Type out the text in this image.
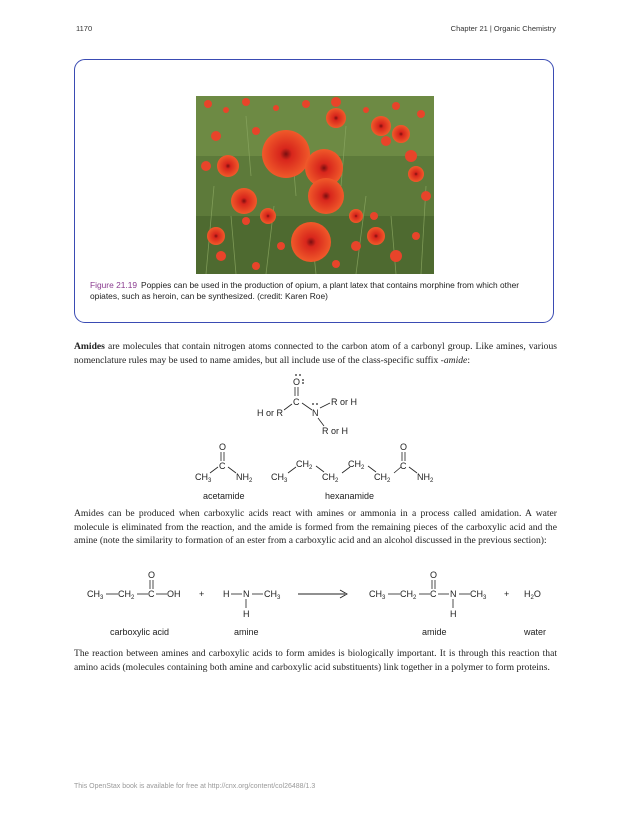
1170	Chapter 21 | Organic Chemistry
Figure 21.19 Poppies can be used in the production of opium, a plant latex that contains morphine from which other opiates, such as heroin, can be synthesized. (credit: Karen Roe)
Amides are molecules that contain nitrogen atoms connected to the carbon atom of a carbonyl group. Like amines, various nomenclature rules may be used to name amides, but all include use of the class-specific suffix -amide:
O
C
H or R	N
R or H
R or H
O
C
$CH_3$	$NH_2$
acetamide
$CH_3$
$CH_2$
$CH_2$
$CH_2$
$CH_2$
C
O
$NH_2$
hexanamide
Amides can be produced when carboxylic acids react with amines or ammonia in a process called amidation. A water molecule is eliminated from the reaction, and the amide is formed from the remaining pieces of the carboxylic acid and the amine (note the similarity to formation of an ester from a carboxylic acid and an alcohol discussed in the previous section):
$CH_3$ $CH_2$ C
O
OH + H N $CH_3$
H
$CH_3$ $CH_2$ C
O
N $CH_3$
H
+ $H_2O$
carboxylic acid	amine	amide	water
The reaction between amines and carboxylic acids to form amides is biologically important. It is through this reaction that amino acids (molecules containing both amine and carboxylic acid substituents) link together in a polymer to form proteins.
This OpenStax book is available for free at http://cnx.org/content/col26488/1.3
